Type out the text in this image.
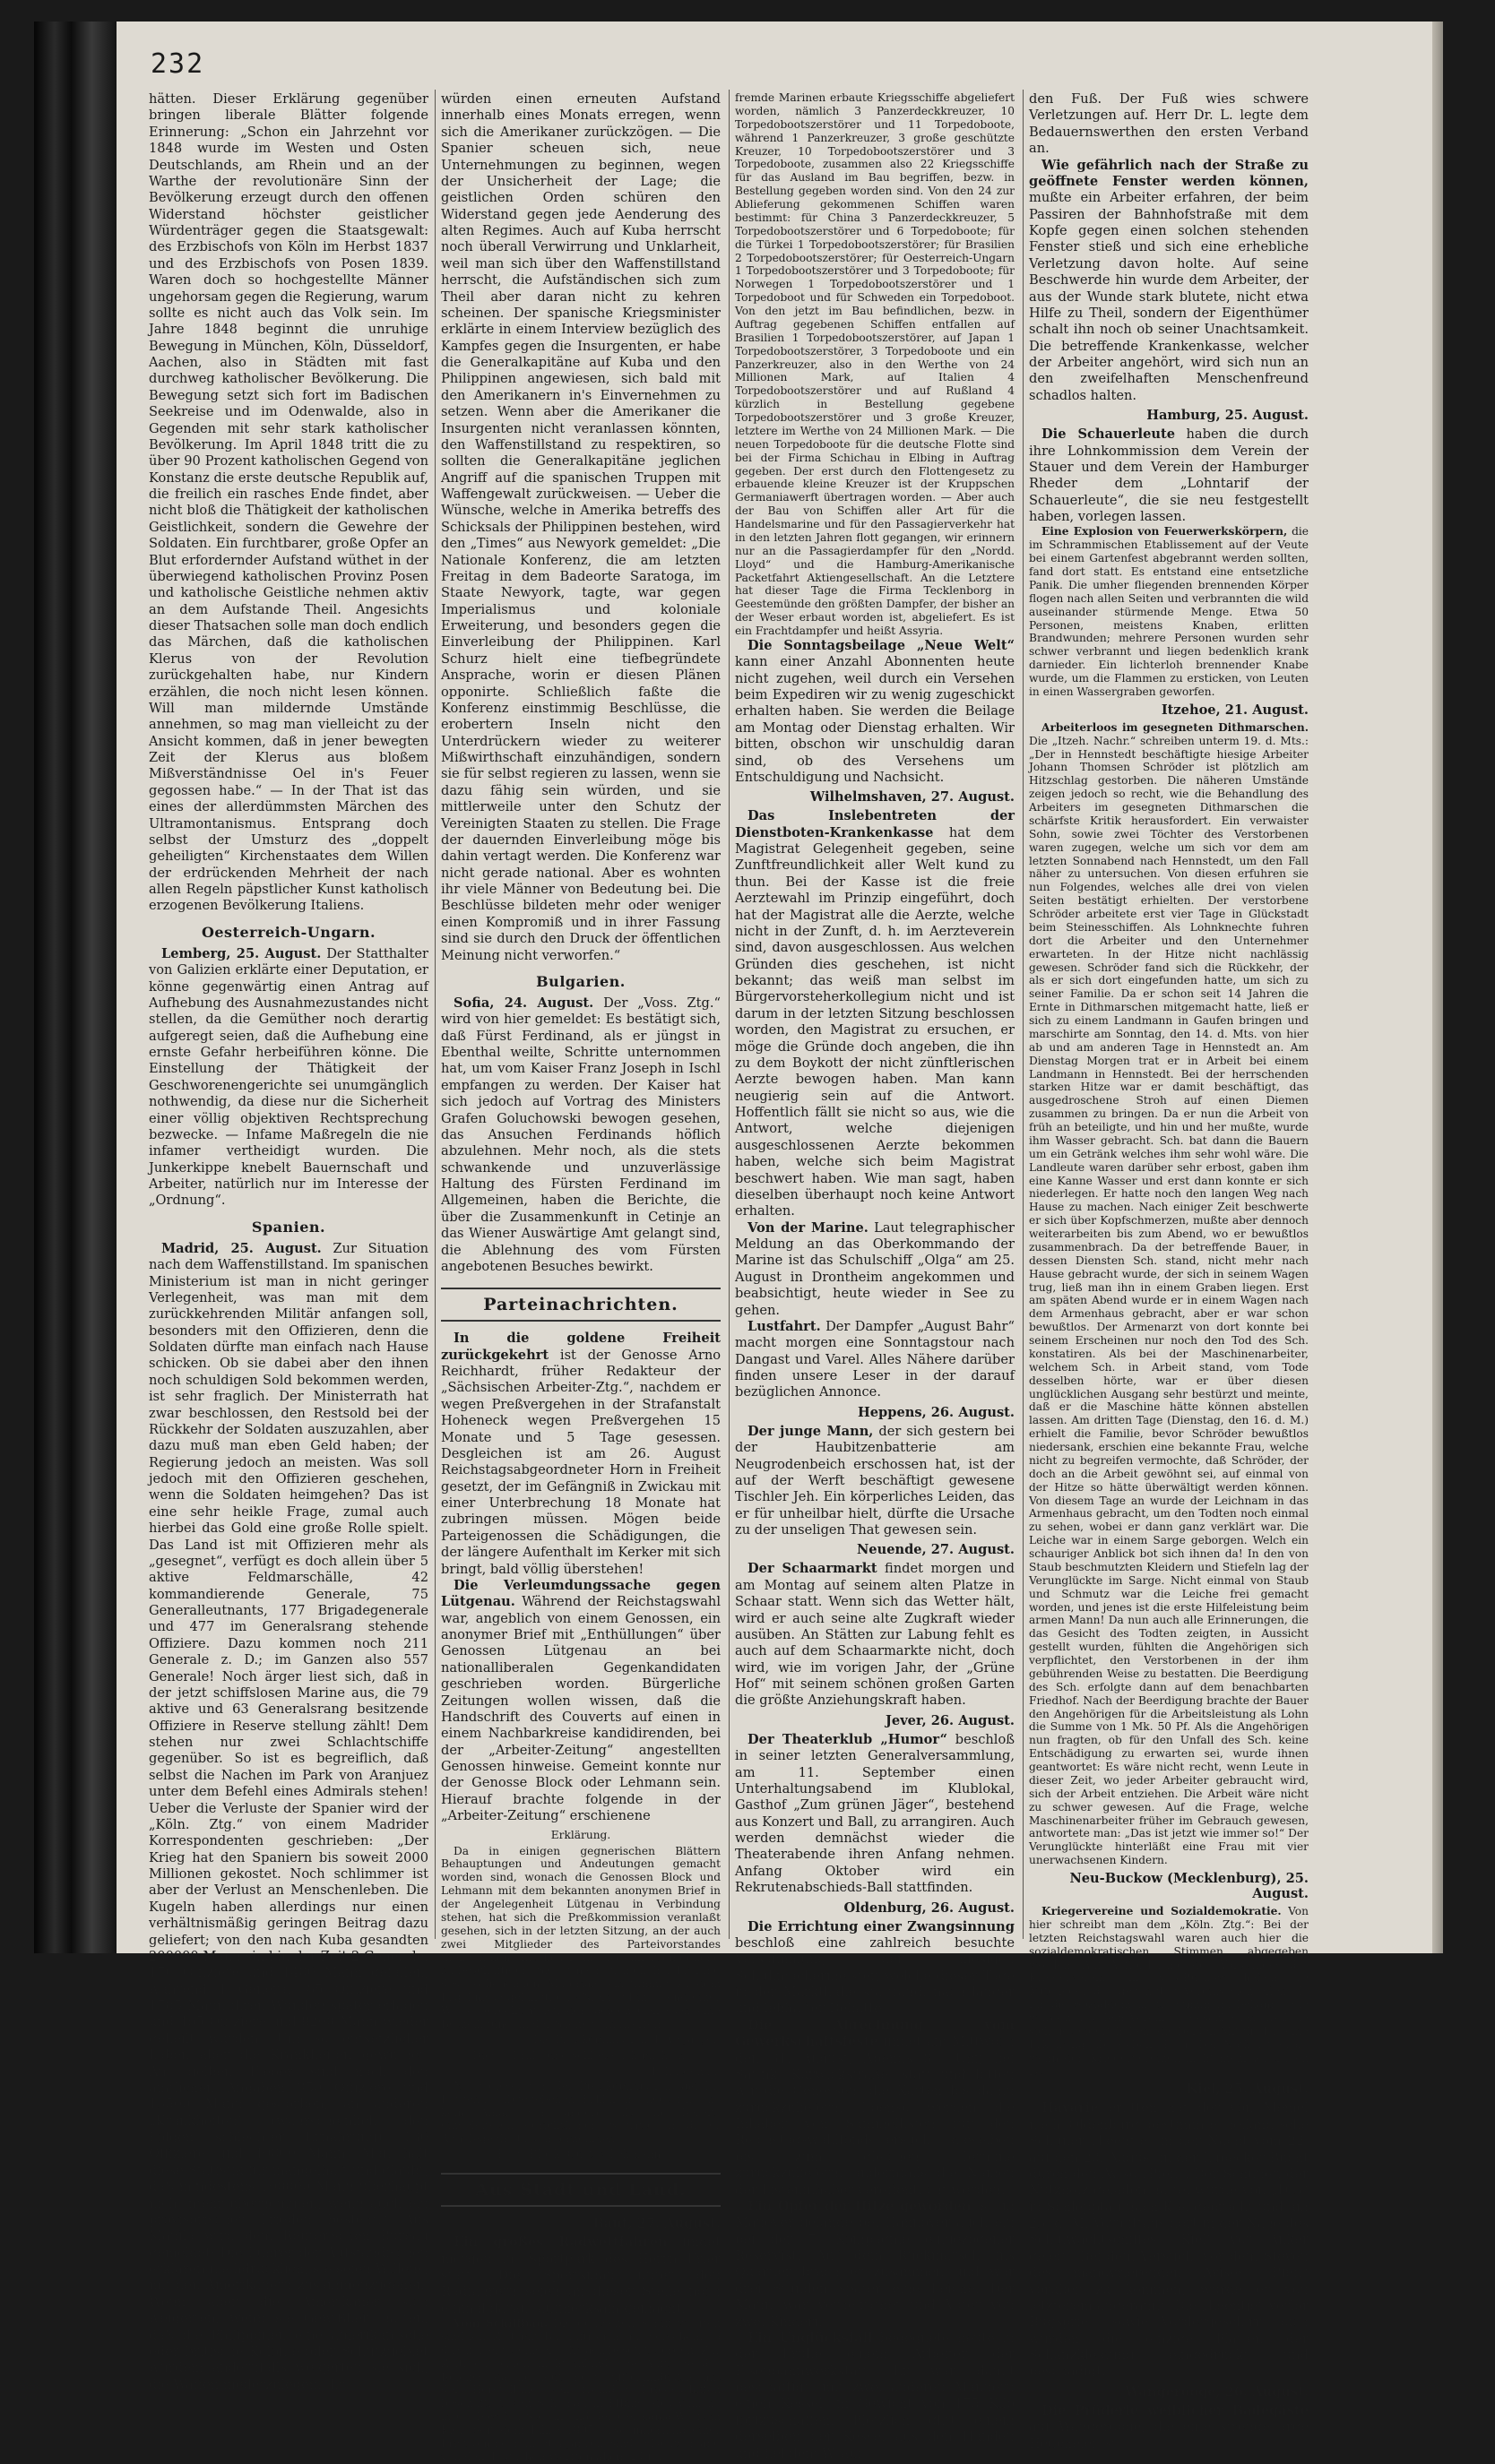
232

hätten. Dieser Erklärung gegenüber bringen liberale Blätter folgende Erinnerung: „Schon ein Jahrzehnt vor 1848 wurde im Westen und Osten Deutschlands, am Rhein und an der Warthe der revolutionäre Sinn der Bevölkerung erzeugt durch den offenen Widerstand höchster geistlicher Würdenträger gegen die Staatsgewalt: des Erzbischofs von Köln im Herbst 1837 und des Erzbischofs von Posen 1839. Waren doch so hochgestellte Männer ungehorsam gegen die Regierung, warum sollte es nicht auch das Volk sein. Im Jahre 1848 beginnt die unruhige Bewegung in München, Köln, Düsseldorf, Aachen, also in Städten mit fast durchweg katholischer Bevölkerung. Die Bewegung setzt sich fort im Badischen Seekreise und im Odenwalde, also in Gegenden mit sehr stark katholischer Bevölkerung. Im April 1848 tritt die zu über 90 Prozent katholischen Gegend von Konstanz die erste deutsche Republik auf, die freilich ein rasches Ende findet, aber nicht bloß die Thätigkeit der katholischen Geistlichkeit, sondern die Gewehre der Soldaten. Ein furchtbarer, große Opfer an Blut erfordernder Aufstand wüthet in der überwiegend katholischen Provinz Posen und katholische Geistliche nehmen aktiv an dem Aufstande Theil. Angesichts dieser Thatsachen solle man doch endlich das Märchen, daß die katholischen Klerus von der Revolution zurückgehalten habe, nur Kindern erzählen, die noch nicht lesen können. Will man mildernde Umstände annehmen, so mag man vielleicht zu der Ansicht kommen, daß in jener bewegten Zeit der Klerus aus bloßem Mißverständnisse Oel in's Feuer gegossen habe.“ — In der That ist das eines der allerdümmsten Märchen des Ultramontanismus. Entsprang doch selbst der Umsturz des „doppelt geheiligten“ Kirchenstaates dem Willen der erdrückenden Mehrheit der nach allen Regeln päpstlicher Kunst katholisch erzogenen Bevölkerung Italiens.

Oesterreich-Ungarn.

Lemberg, 25. August. Der Statthalter von Galizien erklärte einer Deputation, er könne gegenwärtig einen Antrag auf Aufhebung des Ausnahmezustandes nicht stellen, da die Gemüther noch derartig aufgeregt seien, daß die Aufhebung eine ernste Gefahr herbeiführen könne. Die Einstellung der Thätigkeit der Geschworenengerichte sei unumgänglich nothwendig, da diese nur die Sicherheit einer völlig objektiven Rechtsprechung bezwecke. — Infame Maßregeln die nie infamer vertheidigt wurden. Die Junkerkippe knebelt Bauernschaft und Arbeiter, natürlich nur im Interesse der „Ordnung“.

Spanien.

Madrid, 25. August. Zur Situation nach dem Waffenstillstand. Im spanischen Ministerium ist man in nicht geringer Verlegenheit, was man mit dem zurückkehrenden Militär anfangen soll, besonders mit den Offizieren, denn die Soldaten dürfte man einfach nach Hause schicken. Ob sie dabei aber den ihnen noch schuldigen Sold bekommen werden, ist sehr fraglich. Der Ministerrath hat zwar beschlossen, den Restsold bei der Rückkehr der Soldaten auszuzahlen, aber dazu muß man eben Geld haben; der Regierung jedoch an meisten. Was soll jedoch mit den Offizieren geschehen, wenn die Soldaten heimgehen? Das ist eine sehr heikle Frage, zumal auch hierbei das Gold eine große Rolle spielt. Das Land ist mit Offizieren mehr als „gesegnet“, verfügt es doch allein über 5 aktive Feldmarschälle, 42 kommandierende Generale, 75 Generalleutnants, 177 Brigadegenerale und 477 im Generalsrang stehende Offiziere. Dazu kommen noch 211 Generale z. D.; im Ganzen also 557 Generale! Noch ärger liest sich, daß in der jetzt schiffslosen Marine aus, die 79 aktive und 63 Generalsrang besitzende Offiziere in Reserve stellung zählt! Dem stehen nur zwei Schlachtschiffe gegenüber. So ist es begreiflich, daß selbst die Nachen im Park von Aranjuez unter dem Befehl eines Admirals stehen! Ueber die Verluste der Spanier wird der „Köln. Ztg.“ von einem Madrider Korrespondenten geschrieben: „Der Krieg hat den Spaniern bis soweit 2000 Millionen gekostet. Noch schlimmer ist aber der Verlust an Menschenleben. Die Kugeln haben allerdings nur einen verhältnismäßig geringen Beitrag dazu geliefert; von den nach Kuba gesandten 200000 Mann sind in der Zeit 2 Generale, 170 Offiziere und 1400 Mann gefallen, während 1 General, 85 Offiziere und 1785 Mann ihren Wunden später erlagen und 465 Offiziere und 8200 Mann wieder geheilt wurden. Um so entsetzlicher haben aber die Krankheiten gewüthet. Am gelben Fieber sind nach den amtlichen Angaben 350 Offiziere und 13500 Mann gestorben; an anderen „Krankheiten“ (wahrscheinlich den Folgen schlechter Ernährung) 130 Offiziere und 40000 Mann. Man hält diese Statistik für mangelhaft und glaubt, daß mindestens 100000 Mann überhaupt nicht mehr übernommen, wenn auch ein provisorischer Frieden besteht.“ Aus Manila wird dem Reuter'schen Bureau gemeldet: Die Führer der Aufständischen erklären nachdrücklich, sie seien Willens, mit den Amerikanern zusammenzugehen. Wenn aber die Amerikaner sich weigerten, wenn sie Gewißheit hätten, daß die Philippinen eine amerikanische oder britische Kolonie oder Schutzgebiet würden; andernfalls weigerten sie sich, die Waffen niederzulegen, ihr

würden einen erneuten Aufstand innerhalb eines Monats erregen, wenn sich die Amerikaner zurückzögen. — Die Spanier scheuen sich, neue Unternehmungen zu beginnen, wegen der Unsicherheit der Lage; die geistlichen Orden schüren den Widerstand gegen jede Aenderung des alten Regimes. Auch auf Kuba herrscht noch überall Verwirrung und Unklarheit, weil man sich über den Waffenstillstand herrscht, die Aufständischen sich zum Theil aber daran nicht zu kehren scheinen. Der spanische Kriegsminister erklärte in einem Interview bezüglich des Kampfes gegen die Insurgenten, er habe die Generalkapitäne auf Kuba und den Philippinen angewiesen, sich bald mit den Amerikanern in's Einvernehmen zu setzen. Wenn aber die Amerikaner die Insurgenten nicht veranlassen könnten, den Waffenstillstand zu respektiren, so sollten die Generalkapitäne jeglichen Angriff auf die spanischen Truppen mit Waffengewalt zurückweisen. — Ueber die Wünsche, welche in Amerika betreffs des Schicksals der Philippinen bestehen, wird den „Times“ aus Newyork gemeldet: „Die Nationale Konferenz, die am letzten Freitag in dem Badeorte Saratoga, im Staate Newyork, tagte, war gegen Imperialismus und koloniale Erweiterung, und besonders gegen die Einverleibung der Philippinen. Karl Schurz hielt eine tiefbegründete Ansprache, worin er diesen Plänen opponirte. Schließlich faßte die Konferenz einstimmig Beschlüsse, die erobertern Inseln nicht den Unterdrückern wieder zu weiterer Mißwirthschaft einzuhändigen, sondern sie für selbst regieren zu lassen, wenn sie dazu fähig sein würden, und sie mittlerweile unter den Schutz der Vereinigten Staaten zu stellen. Die Frage der dauernden Einverleibung möge bis dahin vertagt werden. Die Konferenz war nicht gerade national. Aber es wohnten ihr viele Männer von Bedeutung bei. Die Beschlüsse bildeten mehr oder weniger einen Kompromiß und in ihrer Fassung sind sie durch den Druck der öffentlichen Meinung nicht verworfen.“

Bulgarien.

Sofia, 24. August. Der „Voss. Ztg.“ wird von hier gemeldet: Es bestätigt sich, daß Fürst Ferdinand, als er jüngst in Ebenthal weilte, Schritte unternommen hat, um vom Kaiser Franz Joseph in Ischl empfangen zu werden. Der Kaiser hat sich jedoch auf Vortrag des Ministers Grafen Goluchowski bewogen gesehen, das Ansuchen Ferdinands höflich abzulehnen. Mehr noch, als die stets schwankende und unzuverlässige Haltung des Fürsten Ferdinand im Allgemeinen, haben die Berichte, die über die Zusammenkunft in Cetinje an das Wiener Auswärtige Amt gelangt sind, die Ablehnung des vom Fürsten angebotenen Besuches bewirkt.

Parteinachrichten.

In die goldene Freiheit zurückgekehrt ist der Genosse Arno Reichhardt, früher Redakteur der „Sächsischen Arbeiter-Ztg.“, nachdem er wegen Preßvergehen in der Strafanstalt Hoheneck wegen Preßvergehen 15 Monate und 5 Tage gesessen. Desgleichen ist am 26. August Reichstagsabgeordneter Horn in Freiheit gesetzt, der im Gefängniß in Zwickau mit einer Unterbrechung 18 Monate hat zubringen müssen. Mögen beide Parteigenossen die Schädigungen, die der längere Aufenthalt im Kerker mit sich bringt, bald völlig überstehen!

Die Verleumdungssache gegen Lütgenau. Während der Reichstagswahl war, angeblich von einem Genossen, ein anonymer Brief mit „Enthüllungen“ über Genossen Lütgenau an bei nationalliberalen Gegenkandidaten geschrieben worden. Bürgerliche Zeitungen wollen wissen, daß die Handschrift des Couverts auf einen in einem Nachbarkreise kandidirenden, bei der „Arbeiter-Zeitung“ angestellten Genossen hinweise. Gemeint konnte nur der Genosse Block oder Lehmann sein. Hierauf brachte folgende in der „Arbeiter-Zeitung“ erschienene

Erklärung.

Da in einigen gegnerischen Blättern Behauptungen und Andeutungen gemacht worden sind, wonach die Genossen Block und Lehmann mit dem bekannten anonymen Brief in der Angelegenheit Lütgenau in Verbindung stehen, hat sich die Preßkommission veranlaßt gesehen, sich in der letzten Sitzung, an der auch zwei Mitglieder des Parteivorstandes theilnahmen, mit dieser Angelegenheit eingehend zu beschäftigen. Sie ist nach gründlicher Prüfung des vorliegenden Materials einstimmig zu dem Ergebnisse gelangt, daß Niemand in irgend einer Weise berechtigt ist, den beiden Genossen eine Betheiligung an der Sache vorzuwerfen.

Die Preßkommission. J. A.: Jasper.
Dieser Erklärung schließe ich mich an.
F. Lütgenau.

Nach dieser von der Preßkommission und Dr. Lütgenau abgegebenen Erklärung liegt für uns kein Anlaß vor, andere als die bereits eingeleiteten gerichtlichen Schritte in dieser Angelegenheit zu unternehmen.

Hans Block. Gustav Lehmann.
Aus Stadt und Land.
Bant, 27. August.

Ein großes Radwettfahren findet morgen im Sportpark des Herrn Frier statt. Die Sportsman unter den Radfahrern seien an dieser Stelle noch einmal darauf aufmerksam gemacht.

Vom Schiffbau. Die deutschen Schiffswerften sind zur Zeit mit Bauaufträgen gut versehen, so daß nur ein weniger schwach besetzt werden. Zur Zeit, da bauen nicht inländische Aufträge des Reiches, da die deutsche Schiffbauindustrie mit der Herstellung von fremden Kriegsschiffen beschäftigt, von Schichau in Elbing, des Vulkans in Grabow bei Stettin und der Germania-Werft in Kiel. Seit dem Jahre 1895, also innerhalb einer Frist von noch nicht 4 Jahren, sind in Deutschland von den deutschen Werften allein 24 für

fremde Marinen erbaute Kriegsschiffe abgeliefert worden, nämlich 3 Panzerdeckkreuzer, 10 Torpedobootszerstörer und 11 Torpedoboote, während 1 Panzerkreuzer, 3 große geschützte Kreuzer, 10 Torpedobootszerstörer und 3 Torpedoboote, zusammen also 22 Kriegsschiffe für das Ausland im Bau begriffen, bezw. in Bestellung gegeben worden sind. Von den 24 zur Ablieferung gekommenen Schiffen waren bestimmt: für China 3 Panzerdeckkreuzer, 5 Torpedobootszerstörer und 6 Torpedoboote; für die Türkei 1 Torpedobootszerstörer; für Brasilien 2 Torpedobootszerstörer; für Oesterreich-Ungarn 1 Torpedobootszerstörer und 3 Torpedoboote; für Norwegen 1 Torpedobootszerstörer und 1 Torpedoboot und für Schweden ein Torpedoboot. Von den jetzt im Bau befindlichen, bezw. in Auftrag gegebenen Schiffen entfallen auf Brasilien 1 Torpedobootszerstörer, auf Japan 1 Torpedobootszerstörer, 3 Torpedoboote und ein Panzerkreuzer, also in den Werthe von 24 Millionen Mark, auf Italien 4 Torpedobootszerstörer und auf Rußland 4 kürzlich in Bestellung gegebene Torpedobootszerstörer und 3 große Kreuzer, letztere im Werthe von 24 Millionen Mark. — Die neuen Torpedoboote für die deutsche Flotte sind bei der Firma Schichau in Elbing in Auftrag gegeben. Der erst durch den Flottengesetz zu erbauende kleine Kreuzer ist der Kruppschen Germaniawerft übertragen worden. — Aber auch der Bau von Schiffen aller Art für die Handelsmarine und für den Passagierverkehr hat in den letzten Jahren flott gegangen, wir erinnern nur an die Passagierdampfer für den „Nordd. Lloyd“ und die Hamburg-Amerikanische Packetfahrt Aktiengesellschaft. An die Letztere hat dieser Tage die Firma Tecklenborg in Geestemünde den größten Dampfer, der bisher an der Weser erbaut worden ist, abgeliefert. Es ist ein Frachtdampfer und heißt Assyria.

Die Sonntagsbeilage „Neue Welt“ kann einer Anzahl Abonnenten heute nicht zugehen, weil durch ein Versehen beim Expediren wir zu wenig zugeschickt erhalten haben. Sie werden die Beilage am Montag oder Dienstag erhalten. Wir bitten, obschon wir unschuldig daran sind, ob des Versehens um Entschuldigung und Nachsicht.

Wilhelmshaven, 27. August.

Das Inslebentreten der Dienstboten-Krankenkasse hat dem Magistrat Gelegenheit gegeben, seine Zunftfreundlichkeit aller Welt kund zu thun. Bei der Kasse ist die freie Aerztewahl im Prinzip eingeführt, doch hat der Magistrat alle die Aerzte, welche nicht in der Zunft, d. h. im Aerzteverein sind, davon ausgeschlossen. Aus welchen Gründen dies geschehen, ist nicht bekannt; das weiß man selbst im Bürgervorsteherkollegium nicht und ist darum in der letzten Sitzung beschlossen worden, den Magistrat zu ersuchen, er möge die Gründe doch angeben, die ihn zu dem Boykott der nicht zünftlerischen Aerzte bewogen haben. Man kann neugierig sein auf die Antwort. Hoffentlich fällt sie nicht so aus, wie die Antwort, welche diejenigen ausgeschlossenen Aerzte bekommen haben, welche sich beim Magistrat beschwert haben. Wie man sagt, haben dieselben überhaupt noch keine Antwort erhalten.

Von der Marine. Laut telegraphischer Meldung an das Oberkommando der Marine ist das Schulschiff „Olga“ am 25. August in Drontheim angekommen und beabsichtigt, heute wieder in See zu gehen.

Lustfahrt. Der Dampfer „August Bahr“ macht morgen eine Sonntagstour nach Dangast und Varel. Alles Nähere darüber finden unsere Leser in der darauf bezüglichen Annonce.

Heppens, 26. August.

Der junge Mann, der sich gestern bei der Haubitzenbatterie am Neugrodenbeich erschossen hat, ist der auf der Werft beschäftigt gewesene Tischler Jeh. Ein körperliches Leiden, das er für unheilbar hielt, dürfte die Ursache zu der unseligen That gewesen sein.

Neuende, 27. August.

Der Schaarmarkt findet morgen und am Montag auf seinem alten Platze in Schaar statt. Wenn sich das Wetter hält, wird er auch seine alte Zugkraft wieder ausüben. An Stätten zur Labung fehlt es auch auf dem Schaarmarkte nicht, doch wird, wie im vorigen Jahr, der „Grüne Hof“ mit seinem schönen großen Garten die größte Anziehungskraft haben.

Jever, 26. August.

Der Theaterklub „Humor“ beschloß in seiner letzten Generalversammlung, am 11. September einen Unterhaltungsabend im Klublokal, Gasthof „Zum grünen Jäger“, bestehend aus Konzert und Ball, zu arrangiren. Auch werden demnächst wieder die Theaterabende ihren Anfang nehmen. Anfang Oktober wird ein Rekrutenabschieds-Ball stattfinden.

Oldenburg, 26. August.

Die Errichtung einer Zwangsinnung beschloß eine zahlreich besuchte Versammlung der hiesigen Schuhmachermeister, welche dieser Tage in der Markthalle stattfand, nach langer und lebhafter Debatte.

Die Abrechnung vom Gewerkschaftsfeste findet am Mittwoch den 31. August, Abends 8½ Uhr, bei Satink, Kurwickstraße, statt und bitten wir die Genossen, die Karten bis dahin zurückzuliefern. Ebenso werden die Inhaber von Sammellisten für den Reichstagswahlfonds ersucht, dieselben bis zum gleichen Termine zurückzuliefern, andernfalls die Namen der Listeninhaber veröffentlicht werden.

Ein Opfer der Hitze geworden ist im Manöver gelände bei Hannover auch ein bei der 7. Kompagnie eingezogener Reservist. Auf dem Rückmarsch ins Quartier brach er zusammen und war drei Stunden später eine Leiche. Der Mann war verheirathet und Vater von zwei Kindern.

Ein Unglücksfall begegnete heute in der Frühe einem Arbeiter der Eisenbahnwerkstatt. Er war damit beschäftigt, mit zwei anderen Männern einen Kessel im Gewicht von 175 Kilo fortzuschaffen. Plötzlich glitt einem derselben der Kessel aus den Händen und fiel dem W. auf

den Fuß. Der Fuß wies schwere Verletzungen auf. Herr Dr. L. legte dem Bedauernswerthen den ersten Verband an.

Wie gefährlich nach der Straße zu geöffnete Fenster werden können, mußte ein Arbeiter erfahren, der beim Passiren der Bahnhofstraße mit dem Kopfe gegen einen solchen stehenden Fenster stieß und sich eine erhebliche Verletzung davon holte. Auf seine Beschwerde hin wurde dem Arbeiter, der aus der Wunde stark blutete, nicht etwa Hilfe zu Theil, sondern der Eigenthümer schalt ihn noch ob seiner Unachtsamkeit. Die betreffende Krankenkasse, welcher der Arbeiter angehört, wird sich nun an den zweifelhaften Menschenfreund schadlos halten.

Hamburg, 25. August.

Die Schauerleute haben die durch ihre Lohnkommission dem Verein der Stauer und dem Verein der Hamburger Rheder dem „Lohntarif der Schauerleute“, die sie neu festgestellt haben, vorlegen lassen.

Eine Explosion von Feuerwerkskörpern, die im Schrammischen Etablissement auf der Veute bei einem Gartenfest abgebrannt werden sollten, fand dort statt. Es entstand eine entsetzliche Panik. Die umher fliegenden brennenden Körper flogen nach allen Seiten und verbrannten die wild auseinander stürmende Menge. Etwa 50 Personen, meistens Knaben, erlitten Brandwunden; mehrere Personen wurden sehr schwer verbrannt und liegen bedenklich krank darnieder. Ein lichterloh brennender Knabe wurde, um die Flammen zu ersticken, von Leuten in einen Wassergraben geworfen.

Itzehoe, 21. August.

Arbeiterloos im gesegneten Dithmarschen. Die „Itzeh. Nachr.“ schreiben unterm 19. d. Mts.: „Der in Hennstedt beschäftigte hiesige Arbeiter Johann Thomsen Schröder ist plötzlich am Hitzschlag gestorben. Die näheren Umstände zeigen jedoch so recht, wie die Behandlung des Arbeiters im gesegneten Dithmarschen die schärfste Kritik herausfordert. Ein verwaister Sohn, sowie zwei Töchter des Verstorbenen waren zugegen, welche um sich vor dem am letzten Sonnabend nach Hennstedt, um den Fall näher zu untersuchen. Von diesen erfuhren sie nun Folgendes, welches alle drei von vielen Seiten bestätigt erhielten. Der verstorbene Schröder arbeitete erst vier Tage in Glückstadt beim Steinesschiffen. Als Lohnknechte fuhren dort die Arbeiter und den Unternehmer erwarteten. In der Hitze nicht nachlässig gewesen. Schröder fand sich die Rückkehr, der als er sich dort eingefunden hatte, um sich zu seiner Familie. Da er schon seit 14 Jahren die Ernte in Dithmarschen mitgemacht hatte, ließ er sich zu einem Landmann in Gaufen bringen und marschirte am Sonntag, den 14. d. Mts. von hier ab und am anderen Tage in Hennstedt an. Am Dienstag Morgen trat er in Arbeit bei einem Landmann in Hennstedt. Bei der herrschenden starken Hitze war er damit beschäftigt, das ausgedroschene Stroh auf einen Diemen zusammen zu bringen. Da er nun die Arbeit von früh an beteiligte, und hin und her mußte, wurde ihm Wasser gebracht. Sch. bat dann die Bauern um ein Getränk welches ihm sehr wohl wäre. Die Landleute waren darüber sehr erbost, gaben ihm eine Kanne Wasser und erst dann konnte er sich niederlegen. Er hatte noch den langen Weg nach Hause zu machen. Nach einiger Zeit beschwerte er sich über Kopfschmerzen, mußte aber dennoch weiterarbeiten bis zum Abend, wo er bewußtlos zusammenbrach. Da der betreffende Bauer, in dessen Diensten Sch. stand, nicht mehr nach Hause gebracht wurde, der sich in seinem Wagen trug, ließ man ihn in einem Graben liegen. Erst am späten Abend wurde er in einem Wagen nach dem Armenhaus gebracht, aber er war schon bewußtlos. Der Armenarzt von dort konnte bei seinem Erscheinen nur noch den Tod des Sch. konstatiren. Als bei der Maschinenarbeiter, welchem Sch. in Arbeit stand, vom Tode desselben hörte, war er über diesen unglücklichen Ausgang sehr bestürzt und meinte, daß er die Maschine hätte können abstellen lassen. Am dritten Tage (Dienstag, den 16. d. M.) erhielt die Familie, bevor Schröder bewußtlos niedersank, erschien eine bekannte Frau, welche nicht zu begreifen vermochte, daß Schröder, der doch an die Arbeit gewöhnt sei, auf einmal von der Hitze so hätte überwältigt werden können. Von diesem Tage an wurde der Leichnam in das Armenhaus gebracht, um den Todten noch einmal zu sehen, wobei er dann ganz verklärt war. Die Leiche war in einem Sarge geborgen. Welch ein schauriger Anblick bot sich ihnen da! In den von Staub beschmutzten Kleidern und Stiefeln lag der Verunglückte im Sarge. Nicht einmal von Staub und Schmutz war die Leiche frei gemacht worden, und jenes ist die erste Hilfeleistung beim armen Mann! Da nun auch alle Erinnerungen, die das Gesicht des Todten zeigten, in Aussicht gestellt wurden, fühlten die Angehörigen sich verpflichtet, den Verstorbenen in der ihm gebührenden Weise zu bestatten. Die Beerdigung des Sch. erfolgte dann auf dem benachbarten Friedhof. Nach der Beerdigung brachte der Bauer den Angehörigen für die Arbeitsleistung als Lohn die Summe von 1 Mk. 50 Pf. Als die Angehörigen nun fragten, ob für den Unfall des Sch. keine Entschädigung zu erwarten sei, wurde ihnen geantwortet: Es wäre nicht recht, wenn Leute in dieser Zeit, wo jeder Arbeiter gebraucht wird, sich der Arbeit entziehen. Die Arbeit wäre nicht zu schwer gewesen. Auf die Frage, welche Maschinenarbeiter früher im Gebrauch gewesen, antwortete man: „Das ist jetzt wie immer so!“ Der Verunglückte hinterläßt eine Frau mit vier unerwachsenen Kindern.

Neu-Buckow (Mecklenburg), 25. August.

Kriegervereine und Sozialdemokratie. Von hier schreibt man dem „Köln. Ztg.“: Bei der letzten Reichstagswahl waren auch hier die sozialdemokratischen Stimmen abgegeben worden. Auf Aufforderung des Vorstandes des Kriegervereins in Neu-Buckow haben 10 Mitglieder des genannten Vereins sich offen als für die Sozialdemokratie stimmend bekannt. Sie wurden aus dem Verein ausgeschlossen, weil sie sich geweigert haben, die beiden Mitglieder, eine Erklärung abzugeben. Herr, bei Noth ist groß, wenn den Kriegervereinen nicht mehr zu trauen ist.

Kiel, 25. August.

Havarie erlitten hat der von Memel nach Oldenburg bestimmte holländische Schuner „Leentje“ in der Nacht vom 22. auf den 23. August in der Lübecker Bucht durch den Aviso „Pfeil“. Der Schuner, der Nutzholz geladen hatte, wurde von „D 3“ in Schlepptau nach Kiel gebracht und am 23. d. M. Vormittags dort in der Nähe des Schulwachtschiffes „Kiel“ vor Anker gelegt. Bei dem Versuch, vor dem Steven des manövrierenden Avisos „Pfeil“ vorüber zu kommen, wurde er von letzterem angerannt. Die „Leentje“ verlor Bugspriet, sowie Vordergeschirr, auch wurden die einzige Platten der Schanzkleidung eingedrückt und beschädigt.

Wangerooge, 26. August.

Die Prüderie weiblicher Badegäste auf Wangerooge, die eine strenge arge Heuchelei ist
